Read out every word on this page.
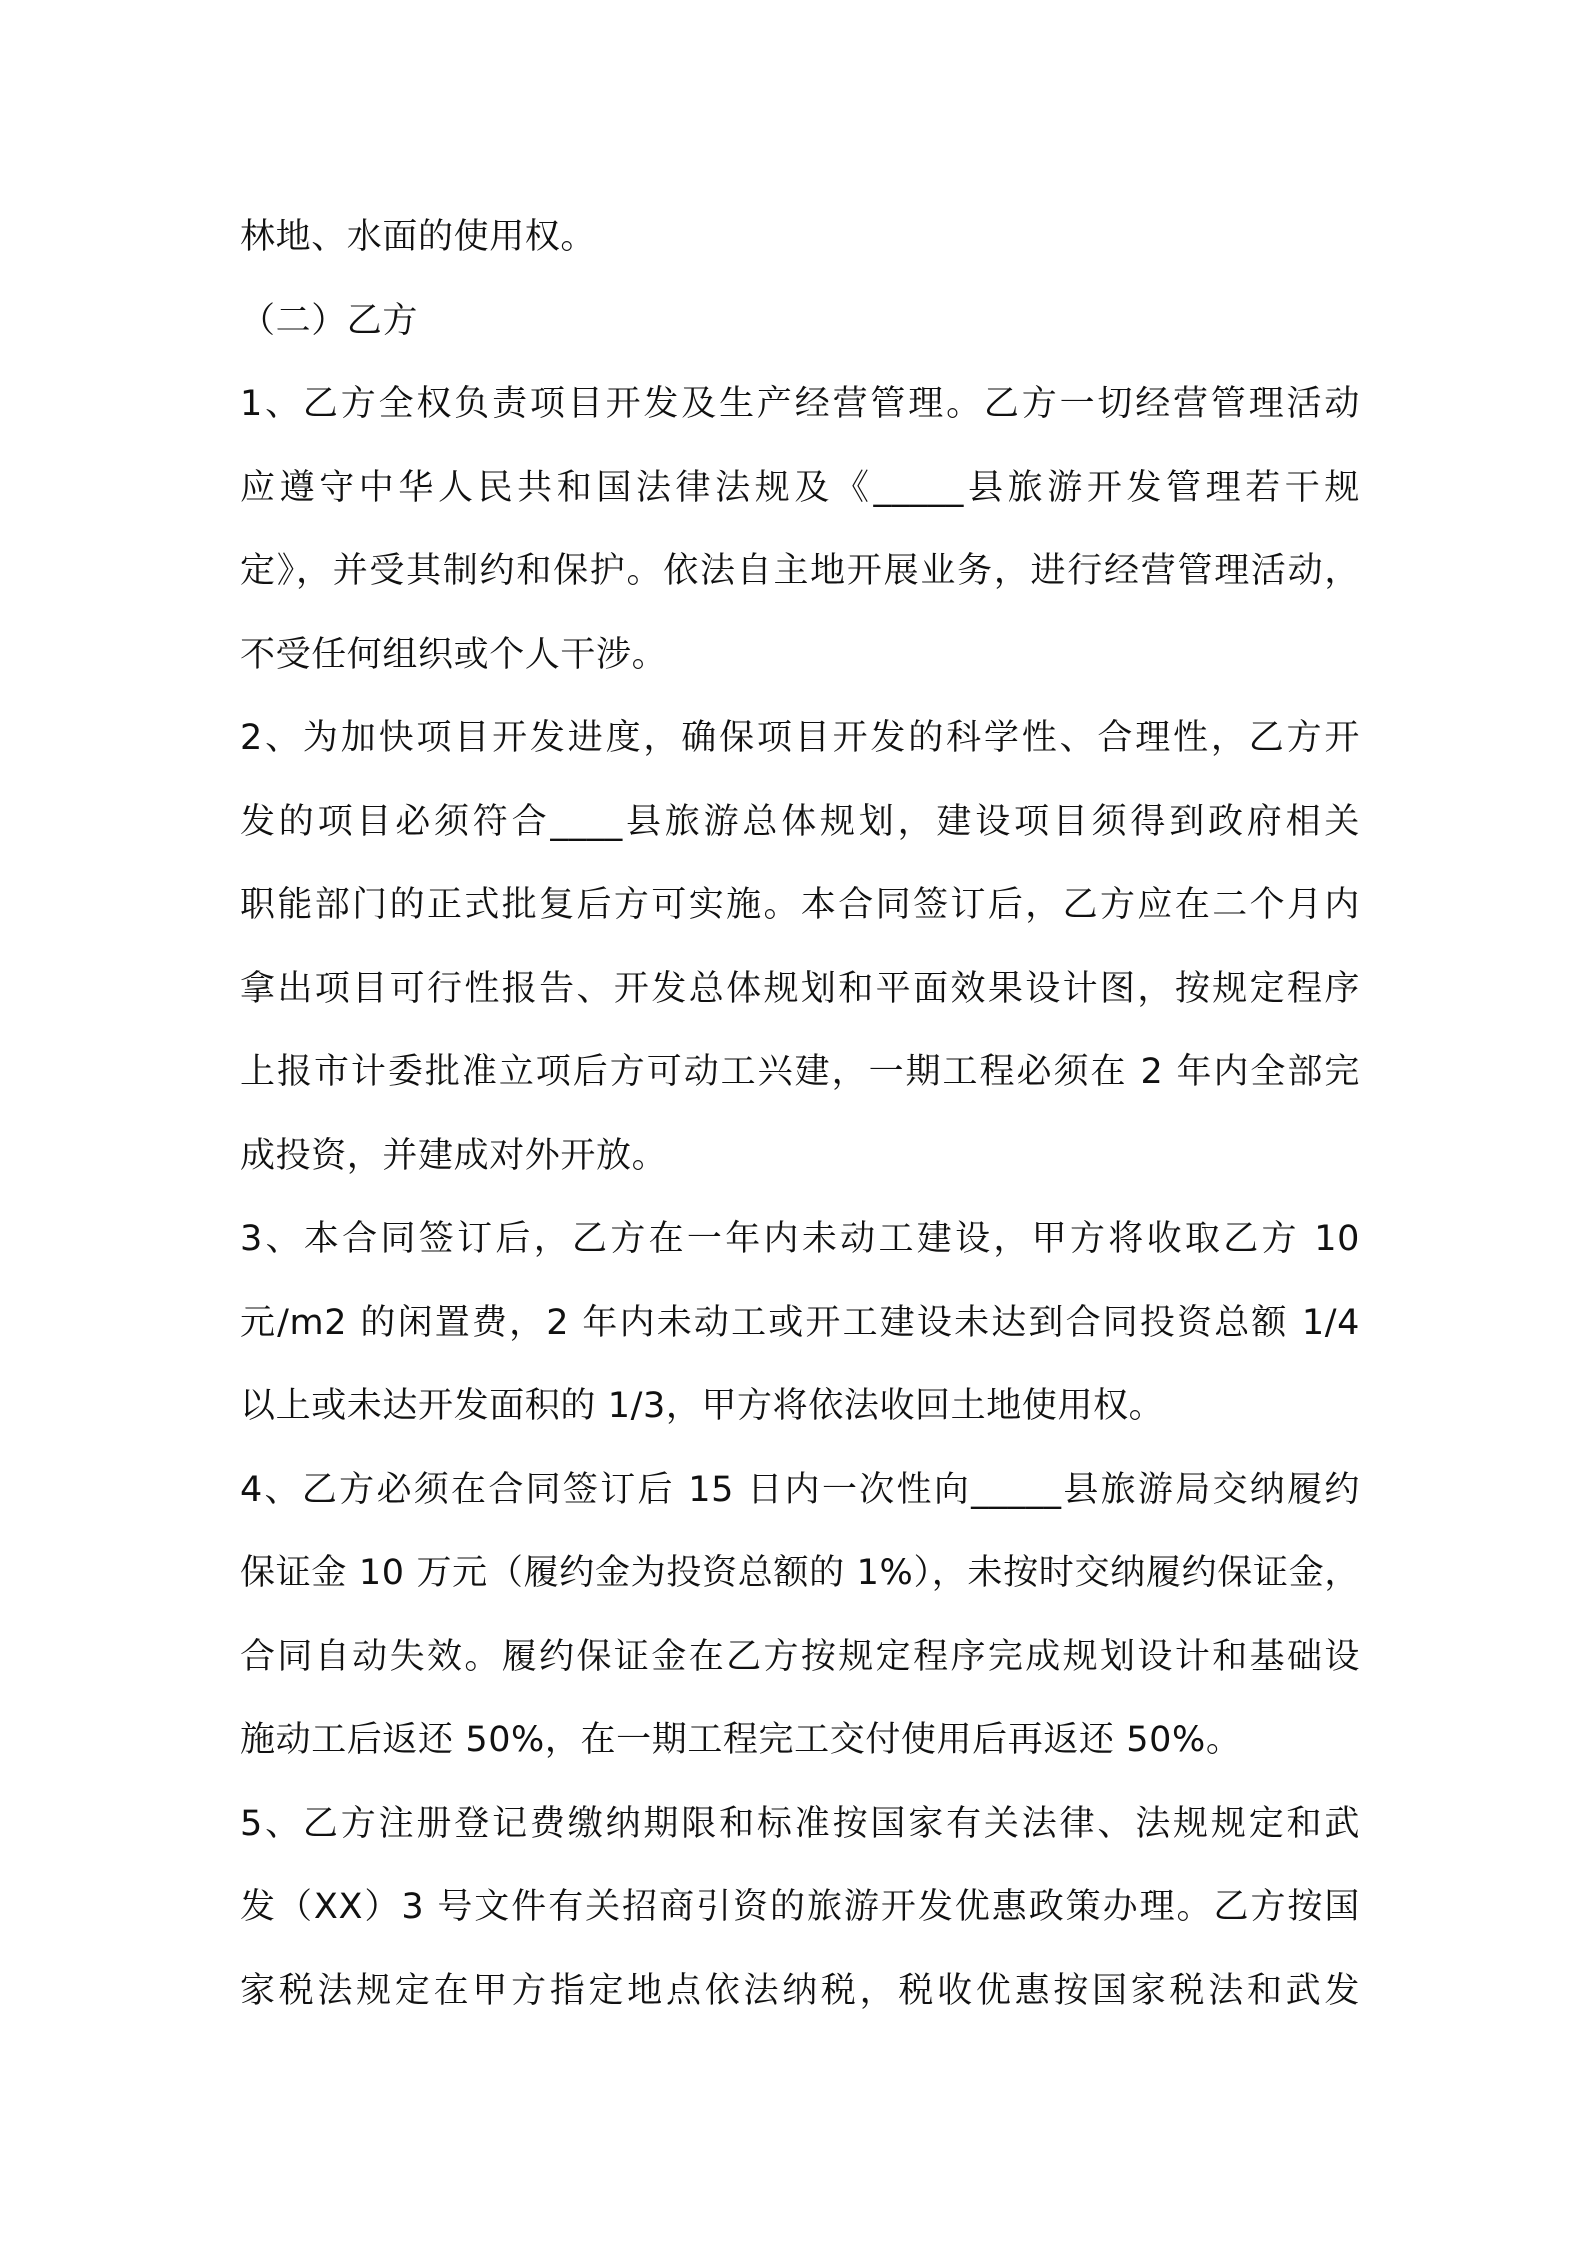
林地、水面的使用权。
（二）乙方
1、乙方全权负责项目开发及生产经营管理。乙方一切经营管理活动
应遵守中华人民共和国法律法规及《_____县旅游开发管理若干规
定》，并受其制约和保护。依法自主地开展业务，进行经营管理活动，
不受任何组织或个人干涉。
2、为加快项目开发进度，确保项目开发的科学性、合理性，乙方开
发的项目必须符合____县旅游总体规划，建设项目须得到政府相关
职能部门的正式批复后方可实施。本合同签订后，乙方应在二个月内
拿出项目可行性报告、开发总体规划和平面效果设计图，按规定程序
上报市计委批准立项后方可动工兴建，一期工程必须在 2 年内全部完
成投资，并建成对外开放。
3、本合同签订后，乙方在一年内未动工建设，甲方将收取乙方 10
元/m2 的闲置费，2 年内未动工或开工建设未达到合同投资总额 1/4
以上或未达开发面积的 1/3，甲方将依法收回土地使用权。
4、乙方必须在合同签订后 15 日内一次性向_____县旅游局交纳履约
保证金 10 万元（履约金为投资总额的 1%），未按时交纳履约保证金，
合同自动失效。履约保证金在乙方按规定程序完成规划设计和基础设
施动工后返还 50%，在一期工程完工交付使用后再返还 50%。
5、乙方注册登记费缴纳期限和标准按国家有关法律、法规规定和武
发（XX）3 号文件有关招商引资的旅游开发优惠政策办理。乙方按国
家税法规定在甲方指定地点依法纳税，税收优惠按国家税法和武发
